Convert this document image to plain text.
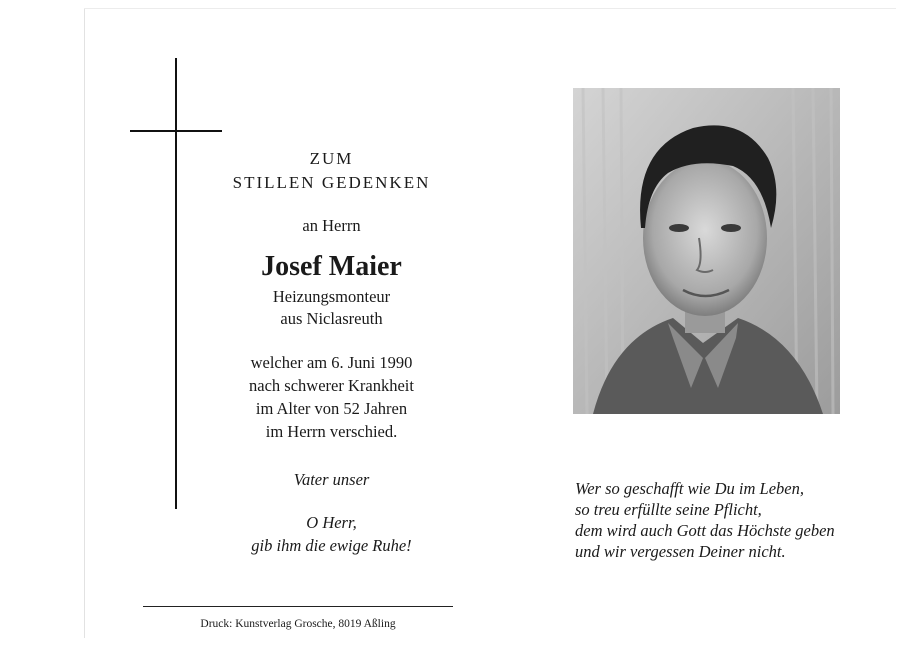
ZUM
STILLEN GEDENKEN
an Herrn
Josef Maier
Heizungsmonteur
aus Niclasreuth
welcher am 6. Juni 1990
nach schwerer Krankheit
im Alter von 52 Jahren
im Herrn verschied.
Vater unser
O Herr,
gib ihm die ewige Ruhe!
Druck: Kunstverlag Grosche, 8019 Aßling
Wer so geschafft wie Du im Leben,
so treu erfüllte seine Pflicht,
dem wird auch Gott das Höchste geben
und wir vergessen Deiner nicht.
